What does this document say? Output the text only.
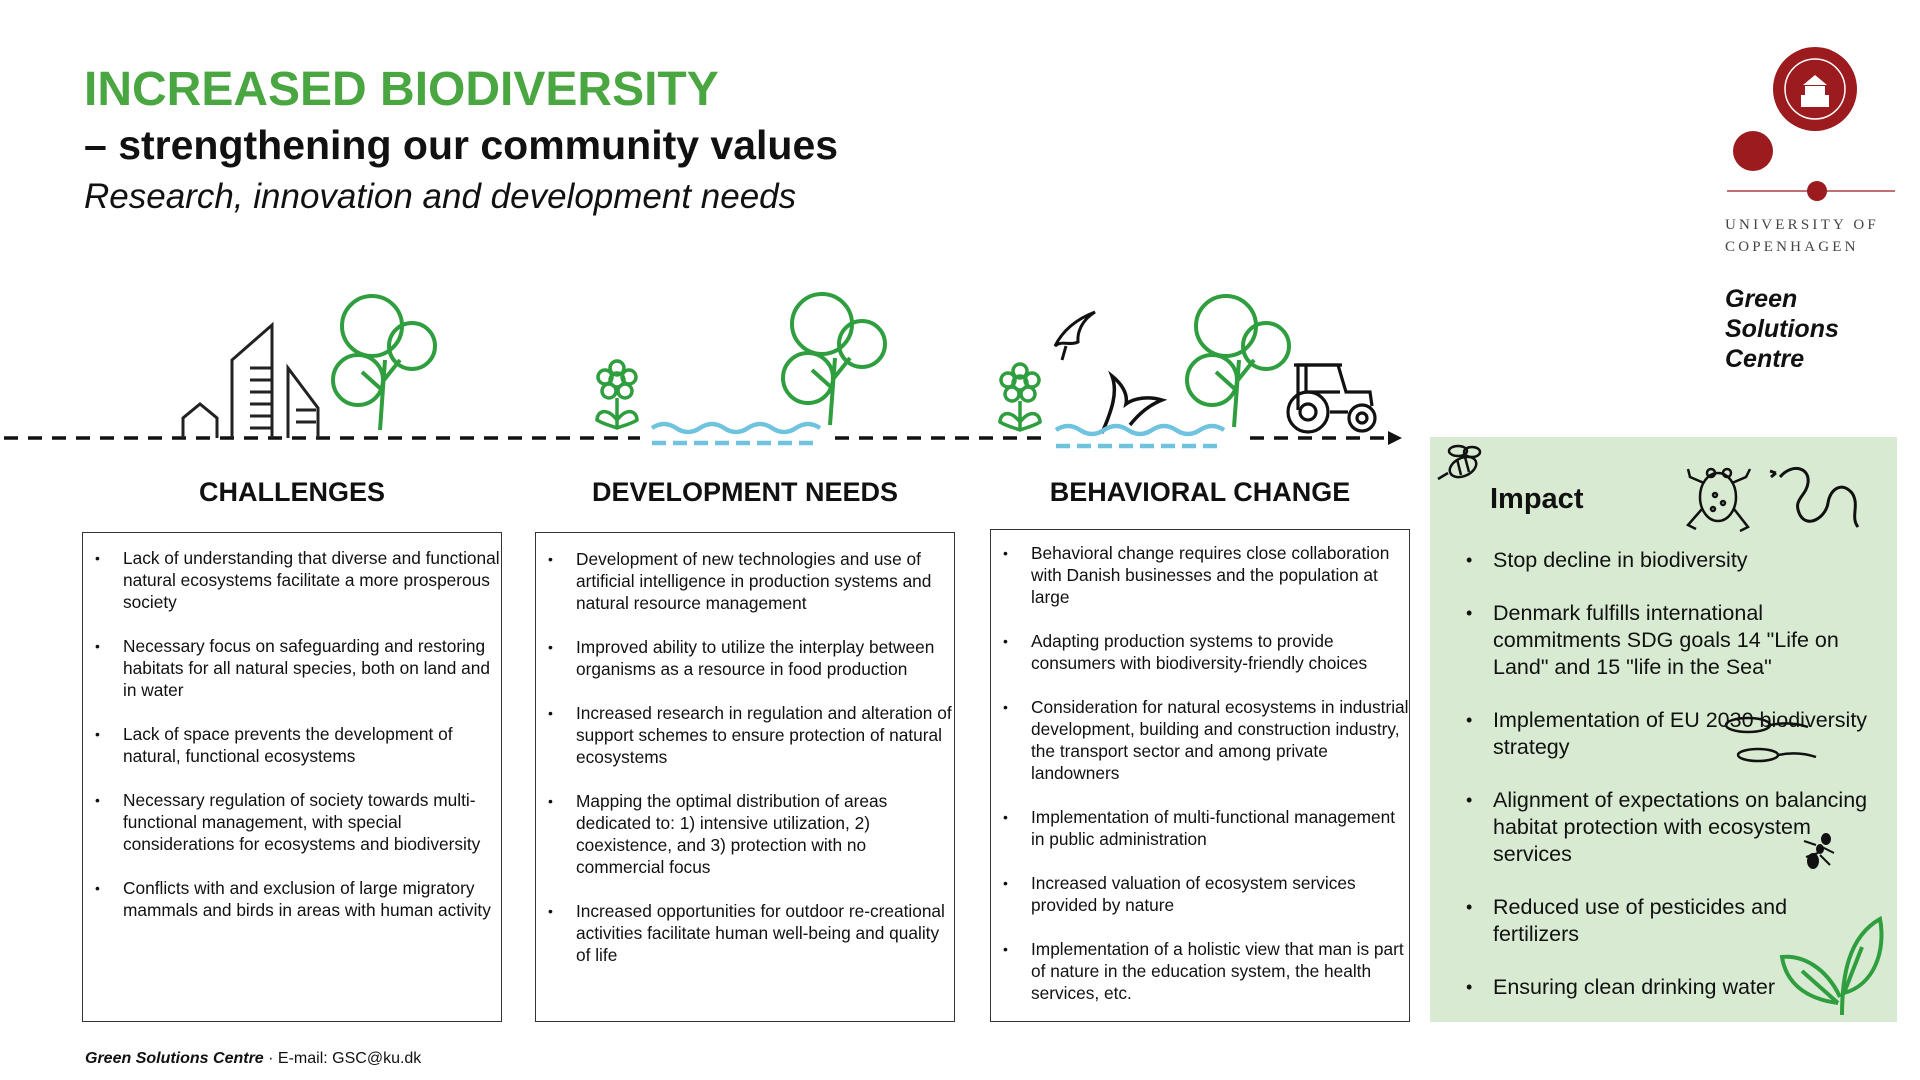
INCREASED BIODIVERSITY
– strengthening our community values
Research, innovation and development needs
UNIVERSITY OF
COPENHAGEN
Green
Solutions
Centre
CHALLENGES	DEVELOPMENT NEEDS	BEHAVIORAL CHANGE
• Lack of understanding that diverse and functional natural ecosystems facilitate a more prosperous society
• Necessary focus on safeguarding and restoring habitats for all natural species, both on land and in water
• Lack of space prevents the development of natural, functional ecosystems
• Necessary regulation of society towards multi-functional management, with special considerations for ecosystems and biodiversity
• Conflicts with and exclusion of large migratory mammals and birds in areas with human activity
• Development of new technologies and use of artificial intelligence in production systems and natural resource management
• Improved ability to utilize the interplay between organisms as a resource in food production
• Increased research in regulation and alteration of support schemes to ensure protection of natural ecosystems
• Mapping the optimal distribution of areas dedicated to: 1) intensive utilization, 2) coexistence, and 3) protection with no commercial focus
• Increased opportunities for outdoor re-creational activities facilitate human well-being and quality of life
• Behavioral change requires close collaboration with Danish businesses and the population at large
• Adapting production systems to provide consumers with biodiversity-friendly choices
• Consideration for natural ecosystems in industrial development, building and construction industry, the transport sector and among private landowners
• Implementation of multi-functional management in public administration
• Increased valuation of ecosystem services provided by nature
• Implementation of a holistic view that man is part of nature in the education system, the health services, etc.
Impact
• Stop decline in biodiversity
• Denmark fulfills international commitments SDG goals 14 "Life on Land" and 15 "life in the Sea"
• Implementation of EU 2030 biodiversity strategy
• Alignment of expectations on balancing habitat protection with ecosystem services
• Reduced use of pesticides and fertilizers
• Ensuring clean drinking water
Green Solutions Centre · E-mail: GSC@ku.dk
